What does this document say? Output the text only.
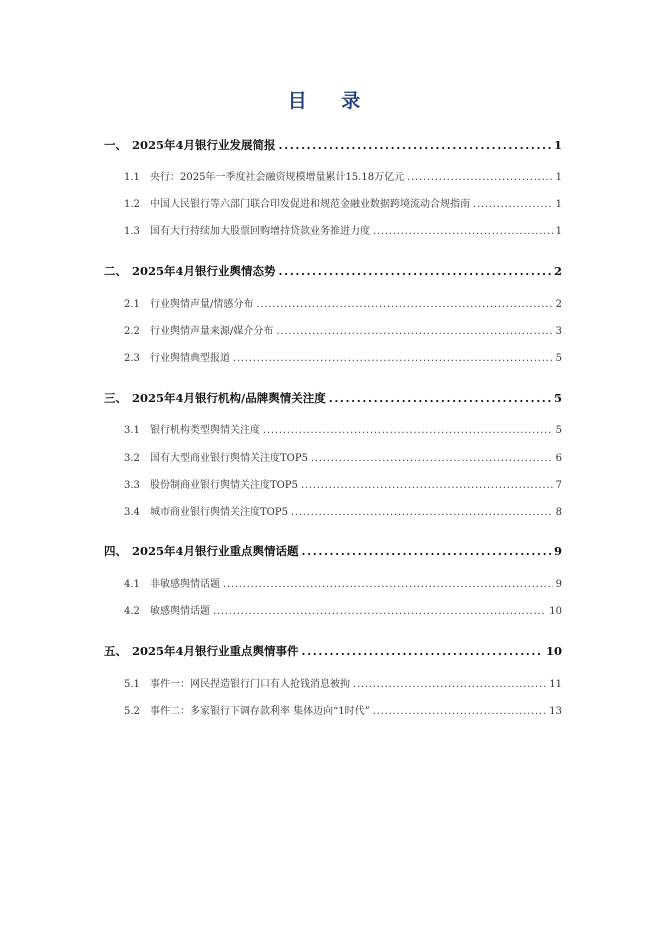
目 录
一、 2025年4月银行业发展简报 . . .	1
1.1	央行：2025年一季度社会融资规模增量累计15.18万亿元 . . .	1
1.2	中国人民银行等六部门联合印发促进和规范金融业数据跨境流动合规指南 . . .	1
1.3	国有大行持续加大股票回购增持贷款业务推进力度 . . .	1
二、 2025年4月银行业舆情态势 . . .	2
2.1	行业舆情声量/情感分布 . . .	2
2.2	行业舆情声量来源/媒介分布 . . .	3
2.3	行业舆情典型报道 . . .	5
三、 2025年4月银行机构/品牌舆情关注度 . . .	5
3.1	银行机构类型舆情关注度 . . .	5
3.2	国有大型商业银行舆情关注度TOP5 . . .	6
3.3	股份制商业银行舆情关注度TOP5 . . .	7
3.4	城市商业银行舆情关注度TOP5 . . .	8
四、 2025年4月银行业重点舆情话题 . . .	9
4.1	非敏感舆情话题 . . .	9
4.2	敏感舆情话题 . . .	10
五、 2025年4月银行业重点舆情事件 . . .	10
5.1	事件一：网民捏造银行门口有人抢钱消息被拘 . . .	11
5.2	事件二：多家银行下调存款利率 集体迈向“1时代” . . .	13
